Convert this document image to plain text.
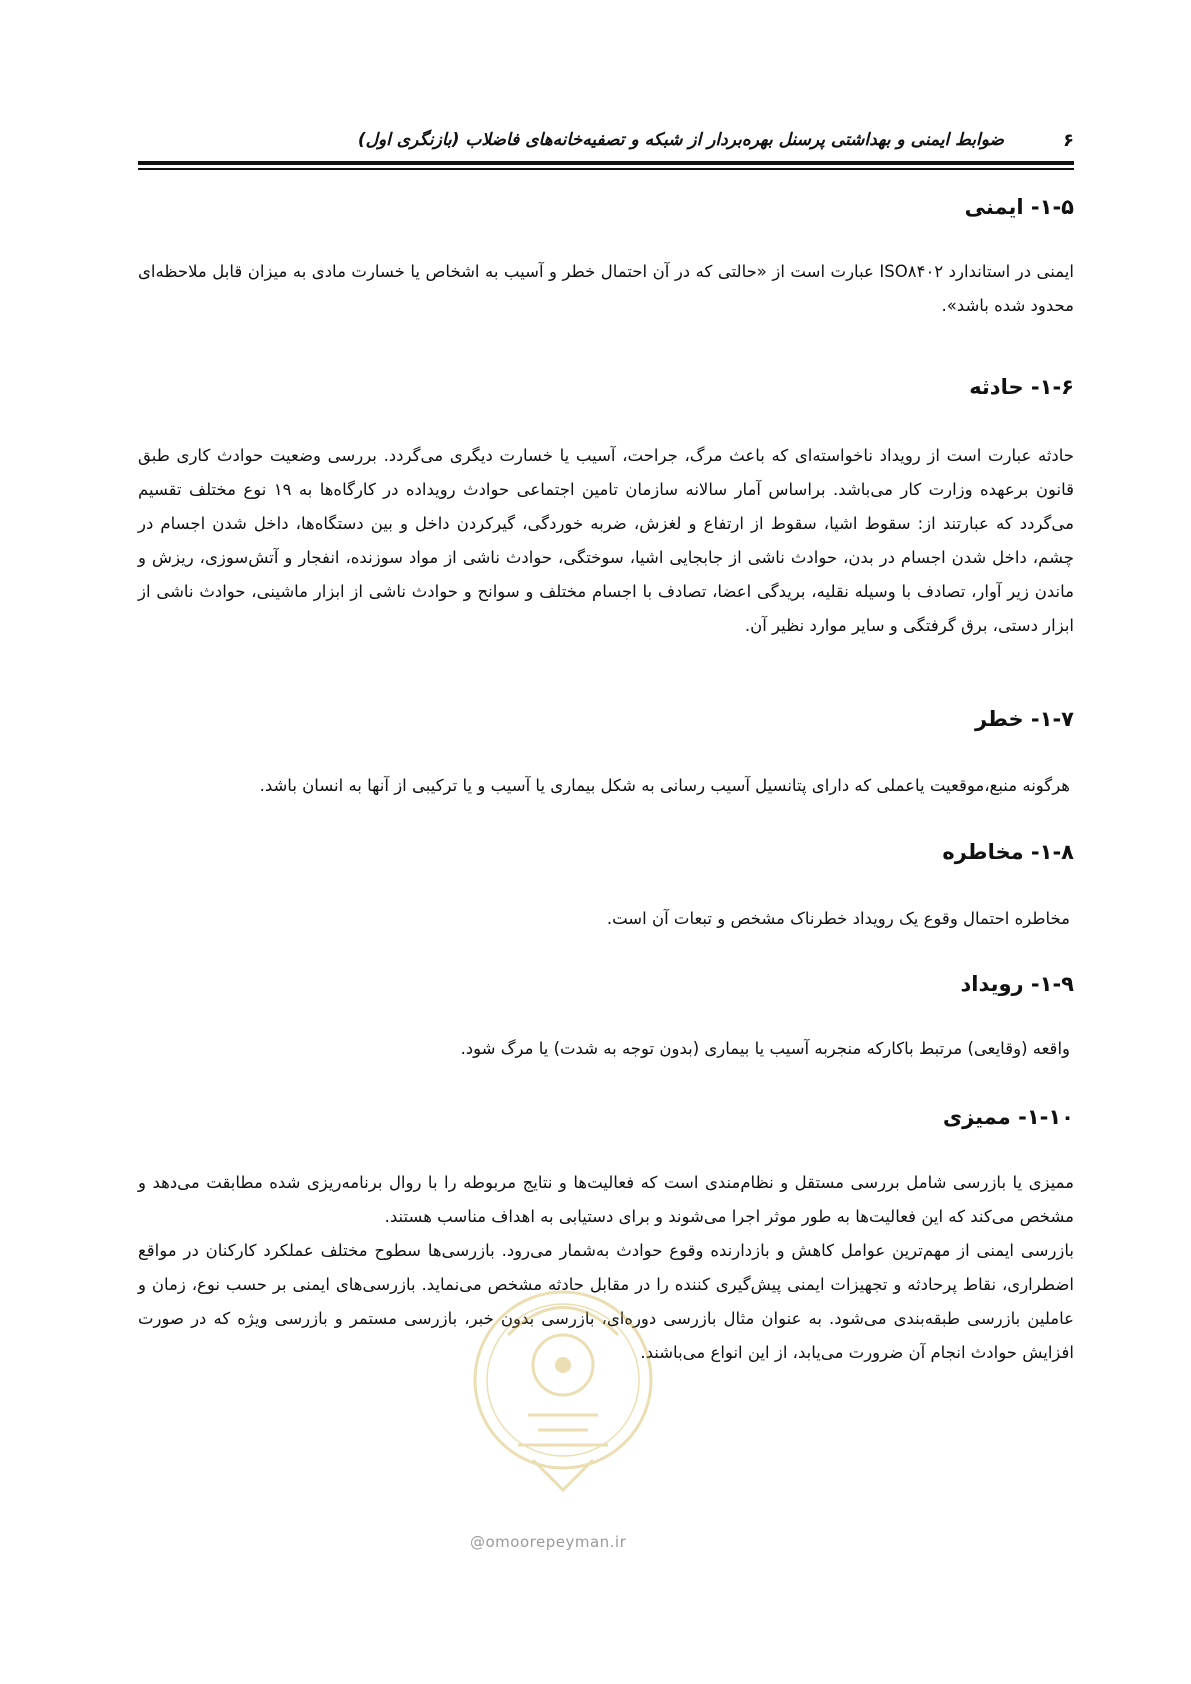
۶
ضوابط ایمنی و بهداشتی پرسنل بهره‌بردار از شبکه و تصفیه‌خانه‌های فاضلاب (بازنگری اول)
۱-۵- ایمنی

ایمنی در استاندارد ISO۸۴۰۲ عبارت است از «حالتی که در آن احتمال خطر و آسیب به اشخاص یا خسارت مادی به میزان قابل ملاحظه‌ای محدود شده باشد».

۱-۶- حادثه

حادثه عبارت است از رویداد ناخواسته‌ای که باعث مرگ، جراحت، آسیب یا خسارت دیگری می‌گردد. بررسی وضعیت حوادث کاری طبق قانون برعهده وزارت کار می‌باشد. براساس آمار سالانه سازمان تامین اجتماعی حوادث رویداده در کارگاه‌ها به ۱۹ نوع مختلف تقسیم می‌گردد که عبارتند از: سقوط اشیا، سقوط از ارتفاع و لغزش، ضربه خوردگی، گیرکردن داخل و بین دستگاه‌ها، داخل شدن اجسام در چشم، داخل شدن اجسام در بدن، حوادث ناشی از جابجایی اشیا، سوختگی، حوادث ناشی از مواد سوزنده، انفجار و آتش‌سوزی، ریزش و ماندن زیر آوار، تصادف با وسیله نقلیه، بریدگی اعضا، تصادف با اجسام مختلف و سوانح و حوادث ناشی از ابزار ماشینی، حوادث ناشی از ابزار دستی، برق گرفتگی و سایر موارد نظیر آن.

۱-۷- خطر

هرگونه منبع،موقعیت یاعملی که دارای پتانسیل آسیب رسانی به شکل بیماری یا آسیب و یا ترکیبی از آنها به انسان باشد.

۱-۸- مخاطره

مخاطره احتمال وقوع یک رویداد خطرناک مشخص و تبعات آن است.

۱-۹- رویداد

واقعه (وقایعی) مرتبط باکارکه منجربه آسیب یا بیماری (بدون توجه به شدت) یا مرگ شود.

۱-۱۰- ممیزی

ممیزی یا بازرسی شامل بررسی مستقل و نظام‌مندی است که فعالیت‌ها و نتایج مربوطه را با روال برنامه‌ریزی شده مطابقت می‌دهد و مشخص می‌کند که این فعالیت‌ها به طور موثر اجرا می‌شوند و برای دستیابی به اهداف مناسب هستند.

بازرسی ایمنی از مهم‌ترین عوامل کاهش و بازدارنده وقوع حوادث به‌شمار می‌رود. بازرسی‌ها سطوح مختلف عملکرد کارکنان در مواقع اضطراری، نقاط پرحادثه و تجهیزات ایمنی پیش‌گیری کننده را در مقابل حادثه مشخص می‌نماید. بازرسی‌های ایمنی بر حسب نوع، زمان و عاملین بازرسی طبقه‌بندی می‌شود. به عنوان مثال بازرسی دوره‌ای، بازرسی بدون خبر، بازرسی مستمر و بازرسی ویژه که در صورت افزایش حوادث انجام آن ضرورت می‌یابد، از این انواع می‌باشند.

@omoorepeyman.ir
